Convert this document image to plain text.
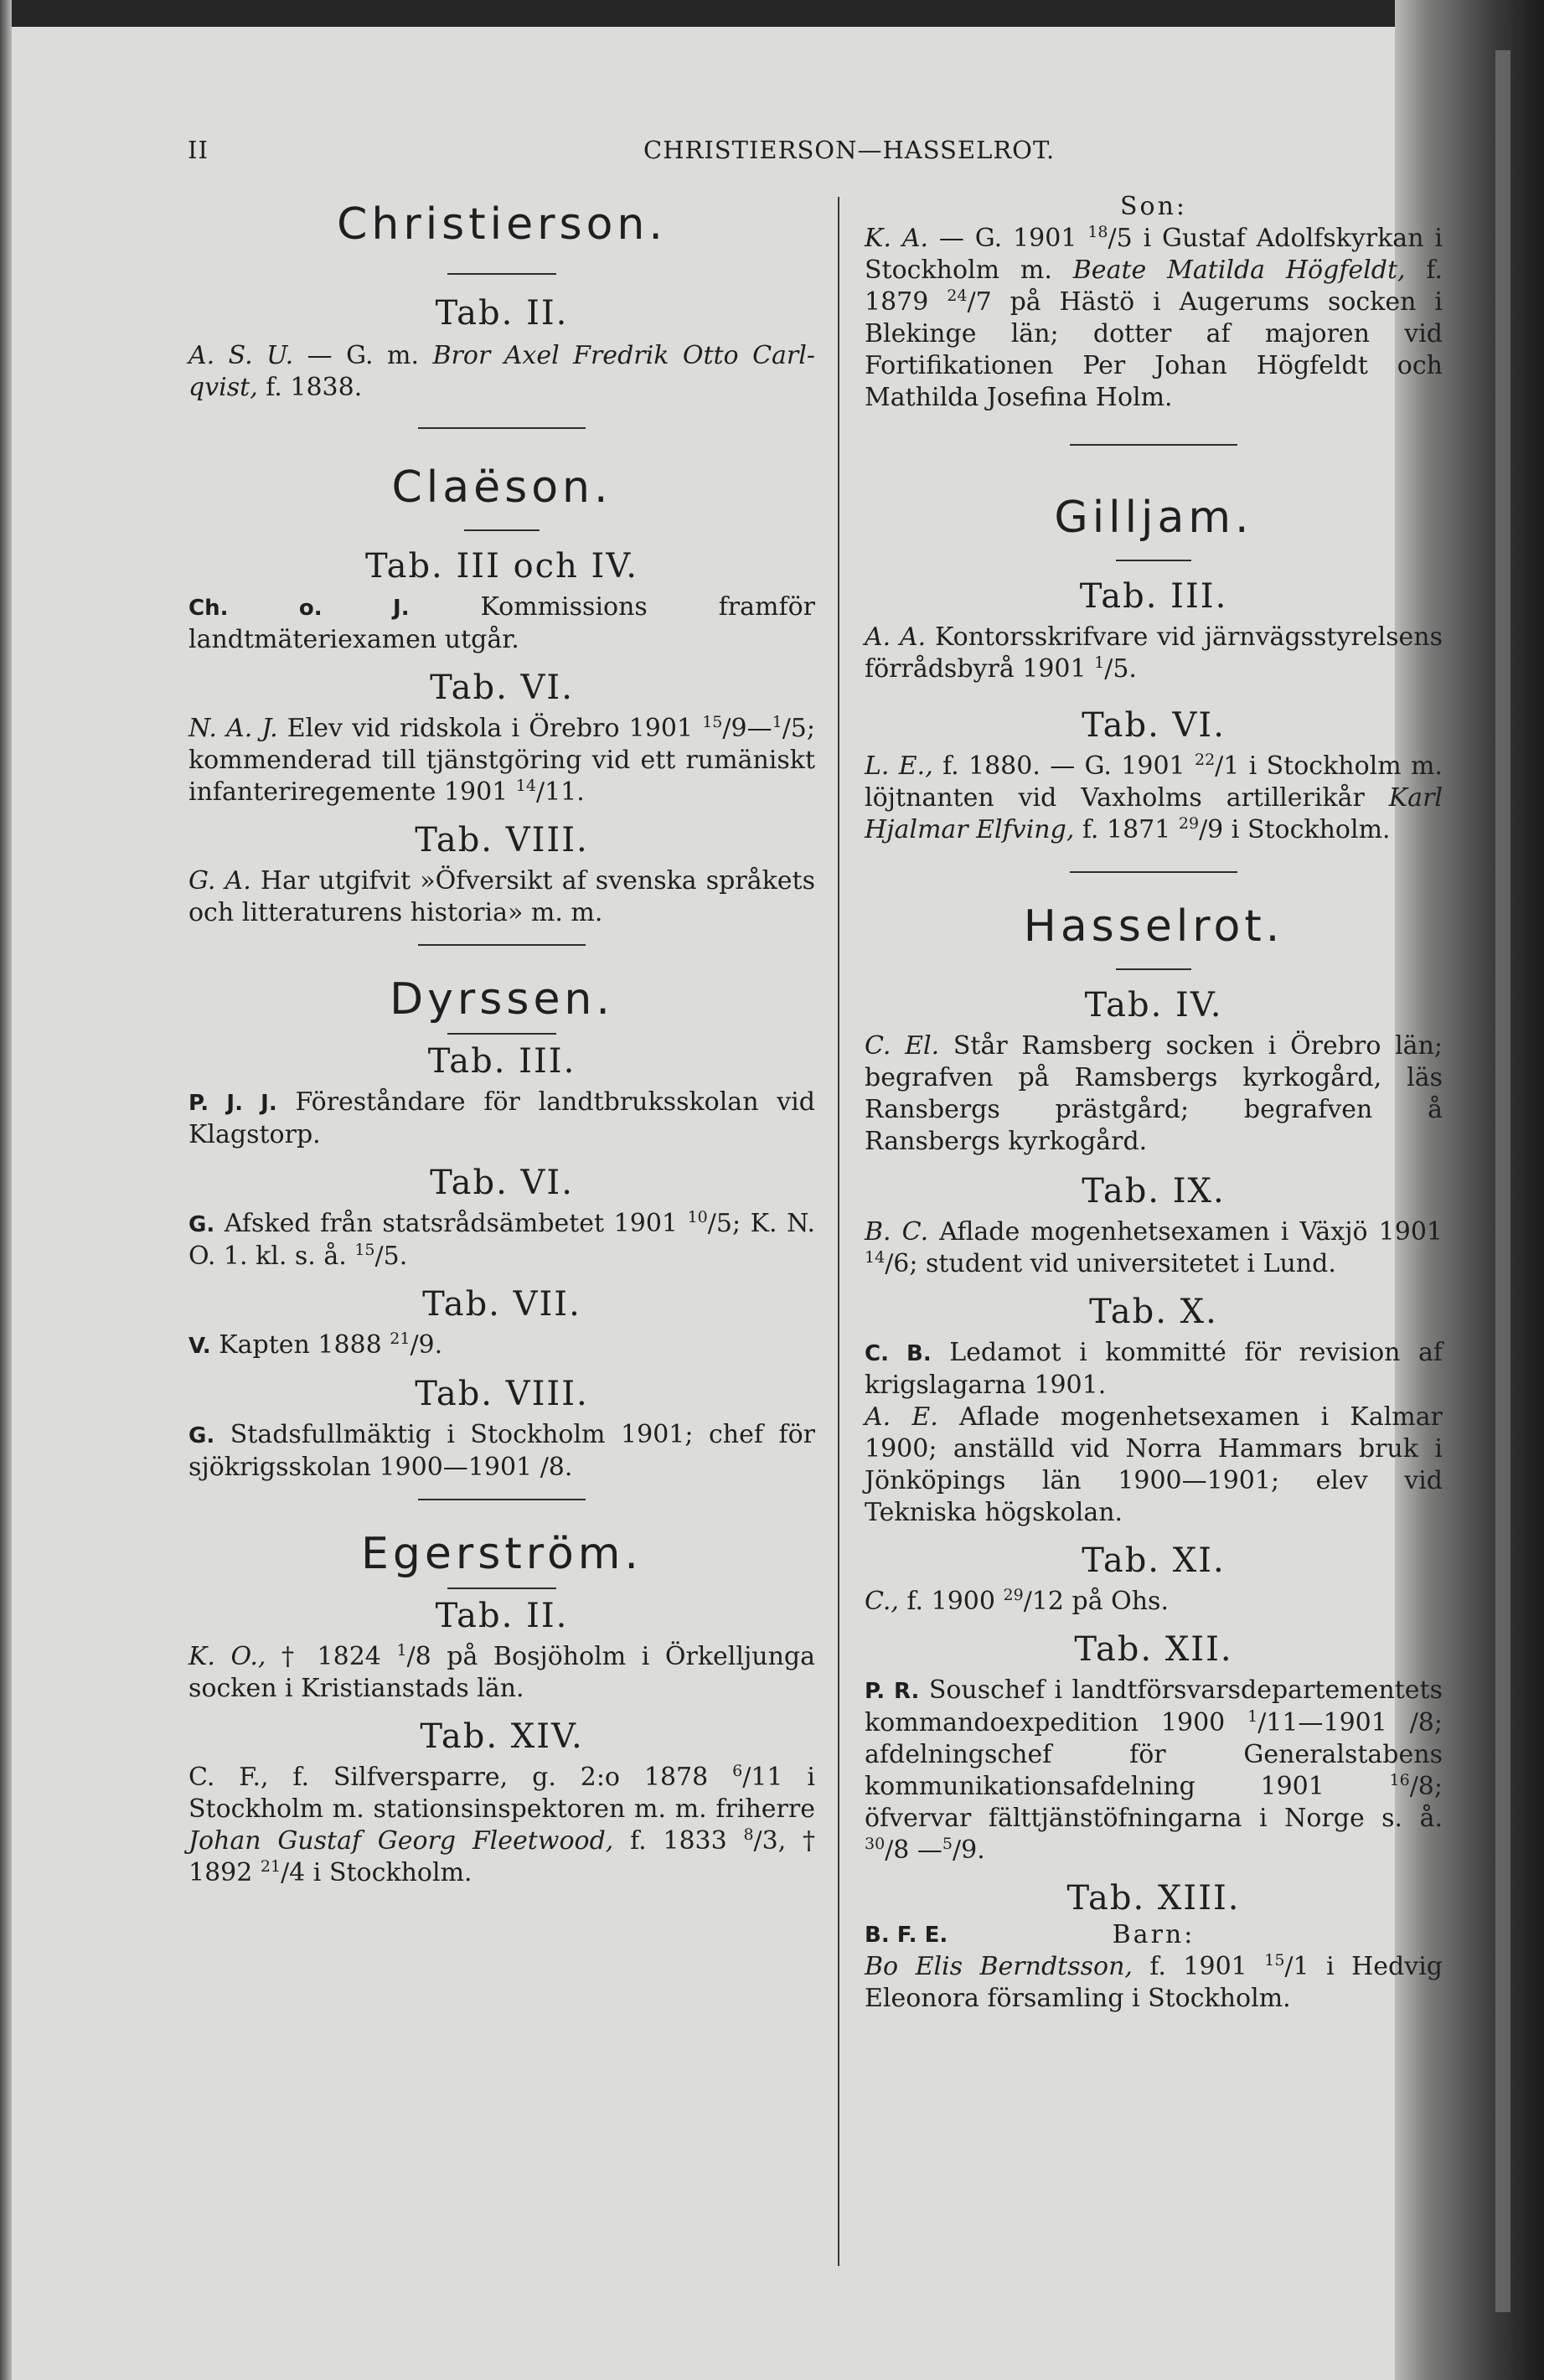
II	CHRISTIERSON—HASSELROT.
Christierson.
Tab. II.

A. S. U. — G. m. Bror Axel Fredrik Otto Carl-qvist, f. 1838.

Claëson.
Tab. III och IV.

Ch. o. J. Kommissions framför landtmäteriexamen utgår.

Tab. VI.

N. A. J. Elev vid ridskola i Örebro 1901 $^{15}$/9—$^1$/5; kommenderad till tjänstgöring vid ett rumäniskt infanteriregemente 1901 $^{14}$/11.

Tab. VIII.

G. A. Har utgifvit »Öfversikt af svenska språkets och litteraturens historia» m. m.

Dyrssen.
Tab. III.

P. J. J. Föreståndare för landtbruksskolan vid Klagstorp.

Tab. VI.

G. Afsked från statsrådsämbetet 1901 $^{10}$/5; K. N. O. 1. kl. s. å. $^{15}$/5.

Tab. VII.

V. Kapten 1888 $^{21}$/9.

Tab. VIII.

G. Stadsfullmäktig i Stockholm 1901; chef för sjökrigsskolan 1900—1901 /8.

Egerström.
Tab. II.

K. O., † 1824 $^1$/8 på Bosjöholm i Örkelljunga socken i Kristianstads län.

Tab. XIV.

C. F., f. Silfversparre, g. 2:o 1878 $^6$/11 i Stockholm m. stationsinspektoren m. m. friherre Johan Gustaf Georg Fleetwood, f. 1833 $^8$/3, † 1892 $^{21}$/4 i Stockholm.

Son:

K. A. — G. 1901 $^{18}$/5 i Gustaf Adolfskyrkan i Stockholm m. Beate Matilda Högfeldt, f. 1879 $^{24}$/7 på Hästö i Augerums socken i Blekinge län; dotter af majoren vid Fortifikationen Per Johan Högfeldt och Mathilda Josefina Holm.

Gilljam.
Tab. III.

A. A. Kontorsskrifvare vid järnvägsstyrelsens förrådsbyrå 1901 $^1$/5.

Tab. VI.

L. E., f. 1880. — G. 1901 $^{22}$/1 i Stockholm m. löjtnanten vid Vaxholms artillerikår Karl Hjalmar Elfving, f. 1871 $^{29}$/9 i Stockholm.

Hasselrot.
Tab. IV.

C. El. Står Ramsberg socken i Örebro län; begrafven på Ramsbergs kyrkogård, läs Ransbergs prästgård; begrafven å Ransbergs kyrkogård.

Tab. IX.

B. C. Aflade mogenhetsexamen i Växjö 1901 $^{14}$/6; student vid universitetet i Lund.

Tab. X.

C. B. Ledamot i kommitté för revision af krigslagarna 1901.

A. E. Aflade mogenhetsexamen i Kalmar 1900; anställd vid Norra Hammars bruk i Jönköpings län 1900—1901; elev vid Tekniska högskolan.

Tab. XI.

C., f. 1900 $^{29}$/12 på Ohs.

Tab. XII.

P. R. Souschef i landtförsvarsdepartementets kommandoexpedition 1900 $^1$/11—1901 /8; afdelningschef för Generalstabens kommunikationsafdelning 1901 $^{16}$/8; öfvervar fälttjänstöfningarna i Norge s. å. $^{30}$/8 —$^5$/9.

Tab. XIII.

B. F. E.	Barn:

Bo Elis Berndtsson, f. 1901 $^{15}$/1 i Hedvig Eleonora församling i Stockholm.
